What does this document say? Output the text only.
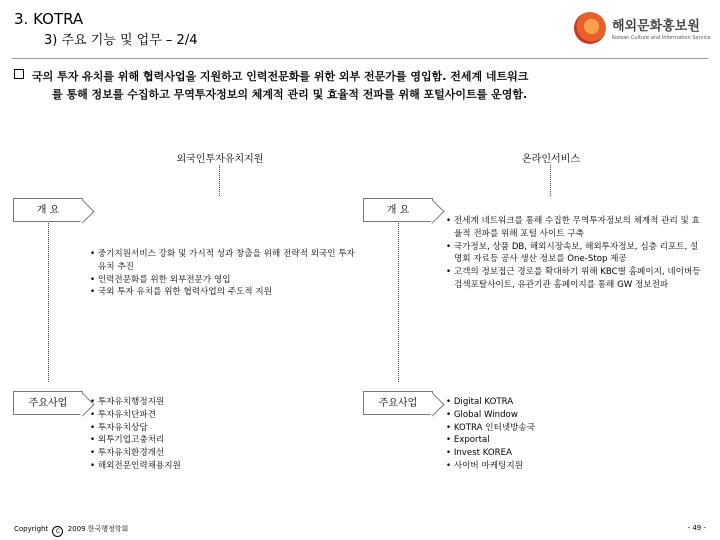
3. KOTRA
3) 주요 기능 및 업무 – 2/4
해외문화홍보원
Korean Culture and Information Service
국의 투자 유치를 위해 협력사업을 지원하고 인력전문화를 위한 외부 전문가를 영입함. 전세계 네트워크
를 통해 정보를 수집하고 무역투자정보의 체계적 관리 및 효율적 전파를 위해 포털사이트를 운영함.
외국인투자유치지원	온라인서비스
개 요
• 중기지원서비스 강화 및 가시적 성과 창출을 위해 전략적 외국인 투자유치 추진
• 인력전문화를 위한 외부전문가 영입
• 국외 투자 유치를 위한 협력사업의 주도적 지원
개 요
• 전세계 네트워크를 통해 수집한 무역투자정보의 체계적 관리 및 효율적 전파를 위해 포털 사이트 구축
• 국가정보, 상품 DB, 해외시장속보, 해외투자정보, 심층 리포트, 설명회 자료등 공사 생산 정보를 One-Stop 제공
• 고객의 정보접근 경로를 확대하기 위해 KBC별 홈페이지, 네이버등 검색포탈사이트, 유관기관 홈페이지를 통해 GW 정보전파
주요사업	• 투자유치행정지원
• 투자유치단파견
• 투자유치상담
• 외투기업고충처리
• 투자유치환경개선
• 해외전문인력채용지원
주요사업	• Digital KOTRA
• Global Window
• KOTRA 인터넷방송국
• Exportal
• Invest KOREA
• 사이버 마케팅지원
Copyright C 2009 한국행정학회	- 49 -
